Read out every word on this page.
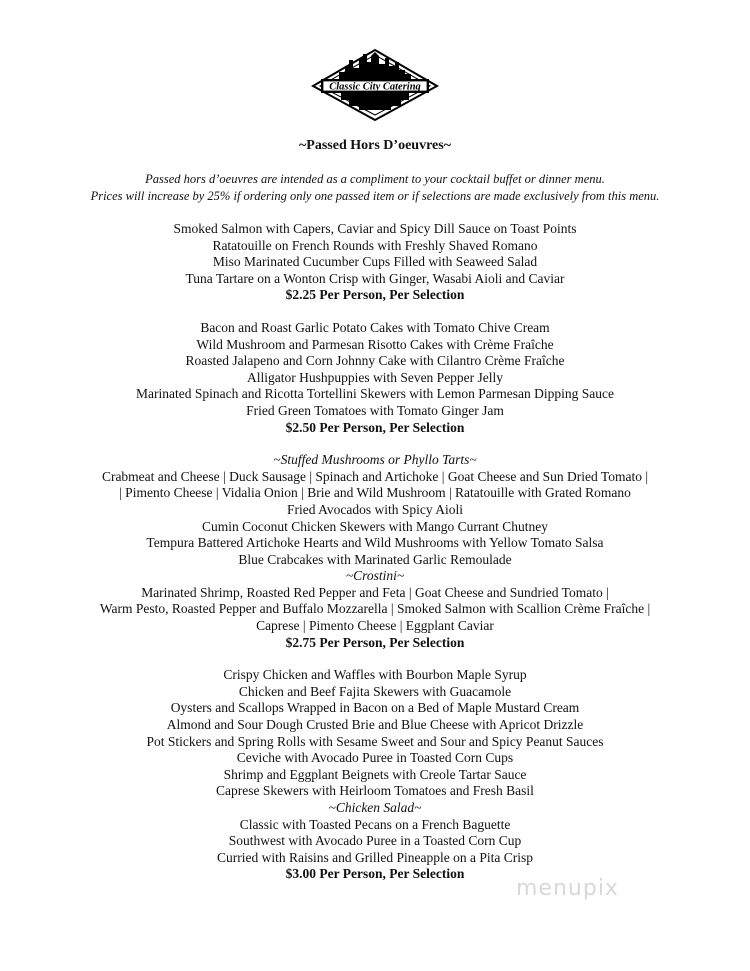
Classic City Catering
~Passed Hors D’oeuvres~
Passed hors d’oeuvres are intended as a compliment to your cocktail buffet or dinner menu.
Prices will increase by 25% if ordering only one passed item or if selections are made exclusively from this menu.
Smoked Salmon with Capers, Caviar and Spicy Dill Sauce on Toast Points
Ratatouille on French Rounds with Freshly Shaved Romano
Miso Marinated Cucumber Cups Filled with Seaweed Salad
Tuna Tartare on a Wonton Crisp with Ginger, Wasabi Aioli and Caviar
$2.25 Per Person, Per Selection
Bacon and Roast Garlic Potato Cakes with Tomato Chive Cream
Wild Mushroom and Parmesan Risotto Cakes with Crème Fraîche
Roasted Jalapeno and Corn Johnny Cake with Cilantro Crème Fraîche
Alligator Hushpuppies with Seven Pepper Jelly
Marinated Spinach and Ricotta Tortellini Skewers with Lemon Parmesan Dipping Sauce
Fried Green Tomatoes with Tomato Ginger Jam
$2.50 Per Person, Per Selection
~Stuffed Mushrooms or Phyllo Tarts~
Crabmeat and Cheese | Duck Sausage | Spinach and Artichoke | Goat Cheese and Sun Dried Tomato |
| Pimento Cheese | Vidalia Onion | Brie and Wild Mushroom | Ratatouille with Grated Romano
Fried Avocados with Spicy Aioli
Cumin Coconut Chicken Skewers with Mango Currant Chutney
Tempura Battered Artichoke Hearts and Wild Mushrooms with Yellow Tomato Salsa
Blue Crabcakes with Marinated Garlic Remoulade
~Crostini~
Marinated Shrimp, Roasted Red Pepper and Feta | Goat Cheese and Sundried Tomato |
Warm Pesto, Roasted Pepper and Buffalo Mozzarella | Smoked Salmon with Scallion Crème Fraîche |
Caprese | Pimento Cheese | Eggplant Caviar
$2.75 Per Person, Per Selection
Crispy Chicken and Waffles with Bourbon Maple Syrup
Chicken and Beef Fajita Skewers with Guacamole
Oysters and Scallops Wrapped in Bacon on a Bed of Maple Mustard Cream
Almond and Sour Dough Crusted Brie and Blue Cheese with Apricot Drizzle
Pot Stickers and Spring Rolls with Sesame Sweet and Sour and Spicy Peanut Sauces
Ceviche with Avocado Puree in Toasted Corn Cups
Shrimp and Eggplant Beignets with Creole Tartar Sauce
Caprese Skewers with Heirloom Tomatoes and Fresh Basil
~Chicken Salad~
Classic with Toasted Pecans on a French Baguette
Southwest with Avocado Puree in a Toasted Corn Cup
Curried with Raisins and Grilled Pineapple on a Pita Crisp
$3.00 Per Person, Per Selection
menupix
